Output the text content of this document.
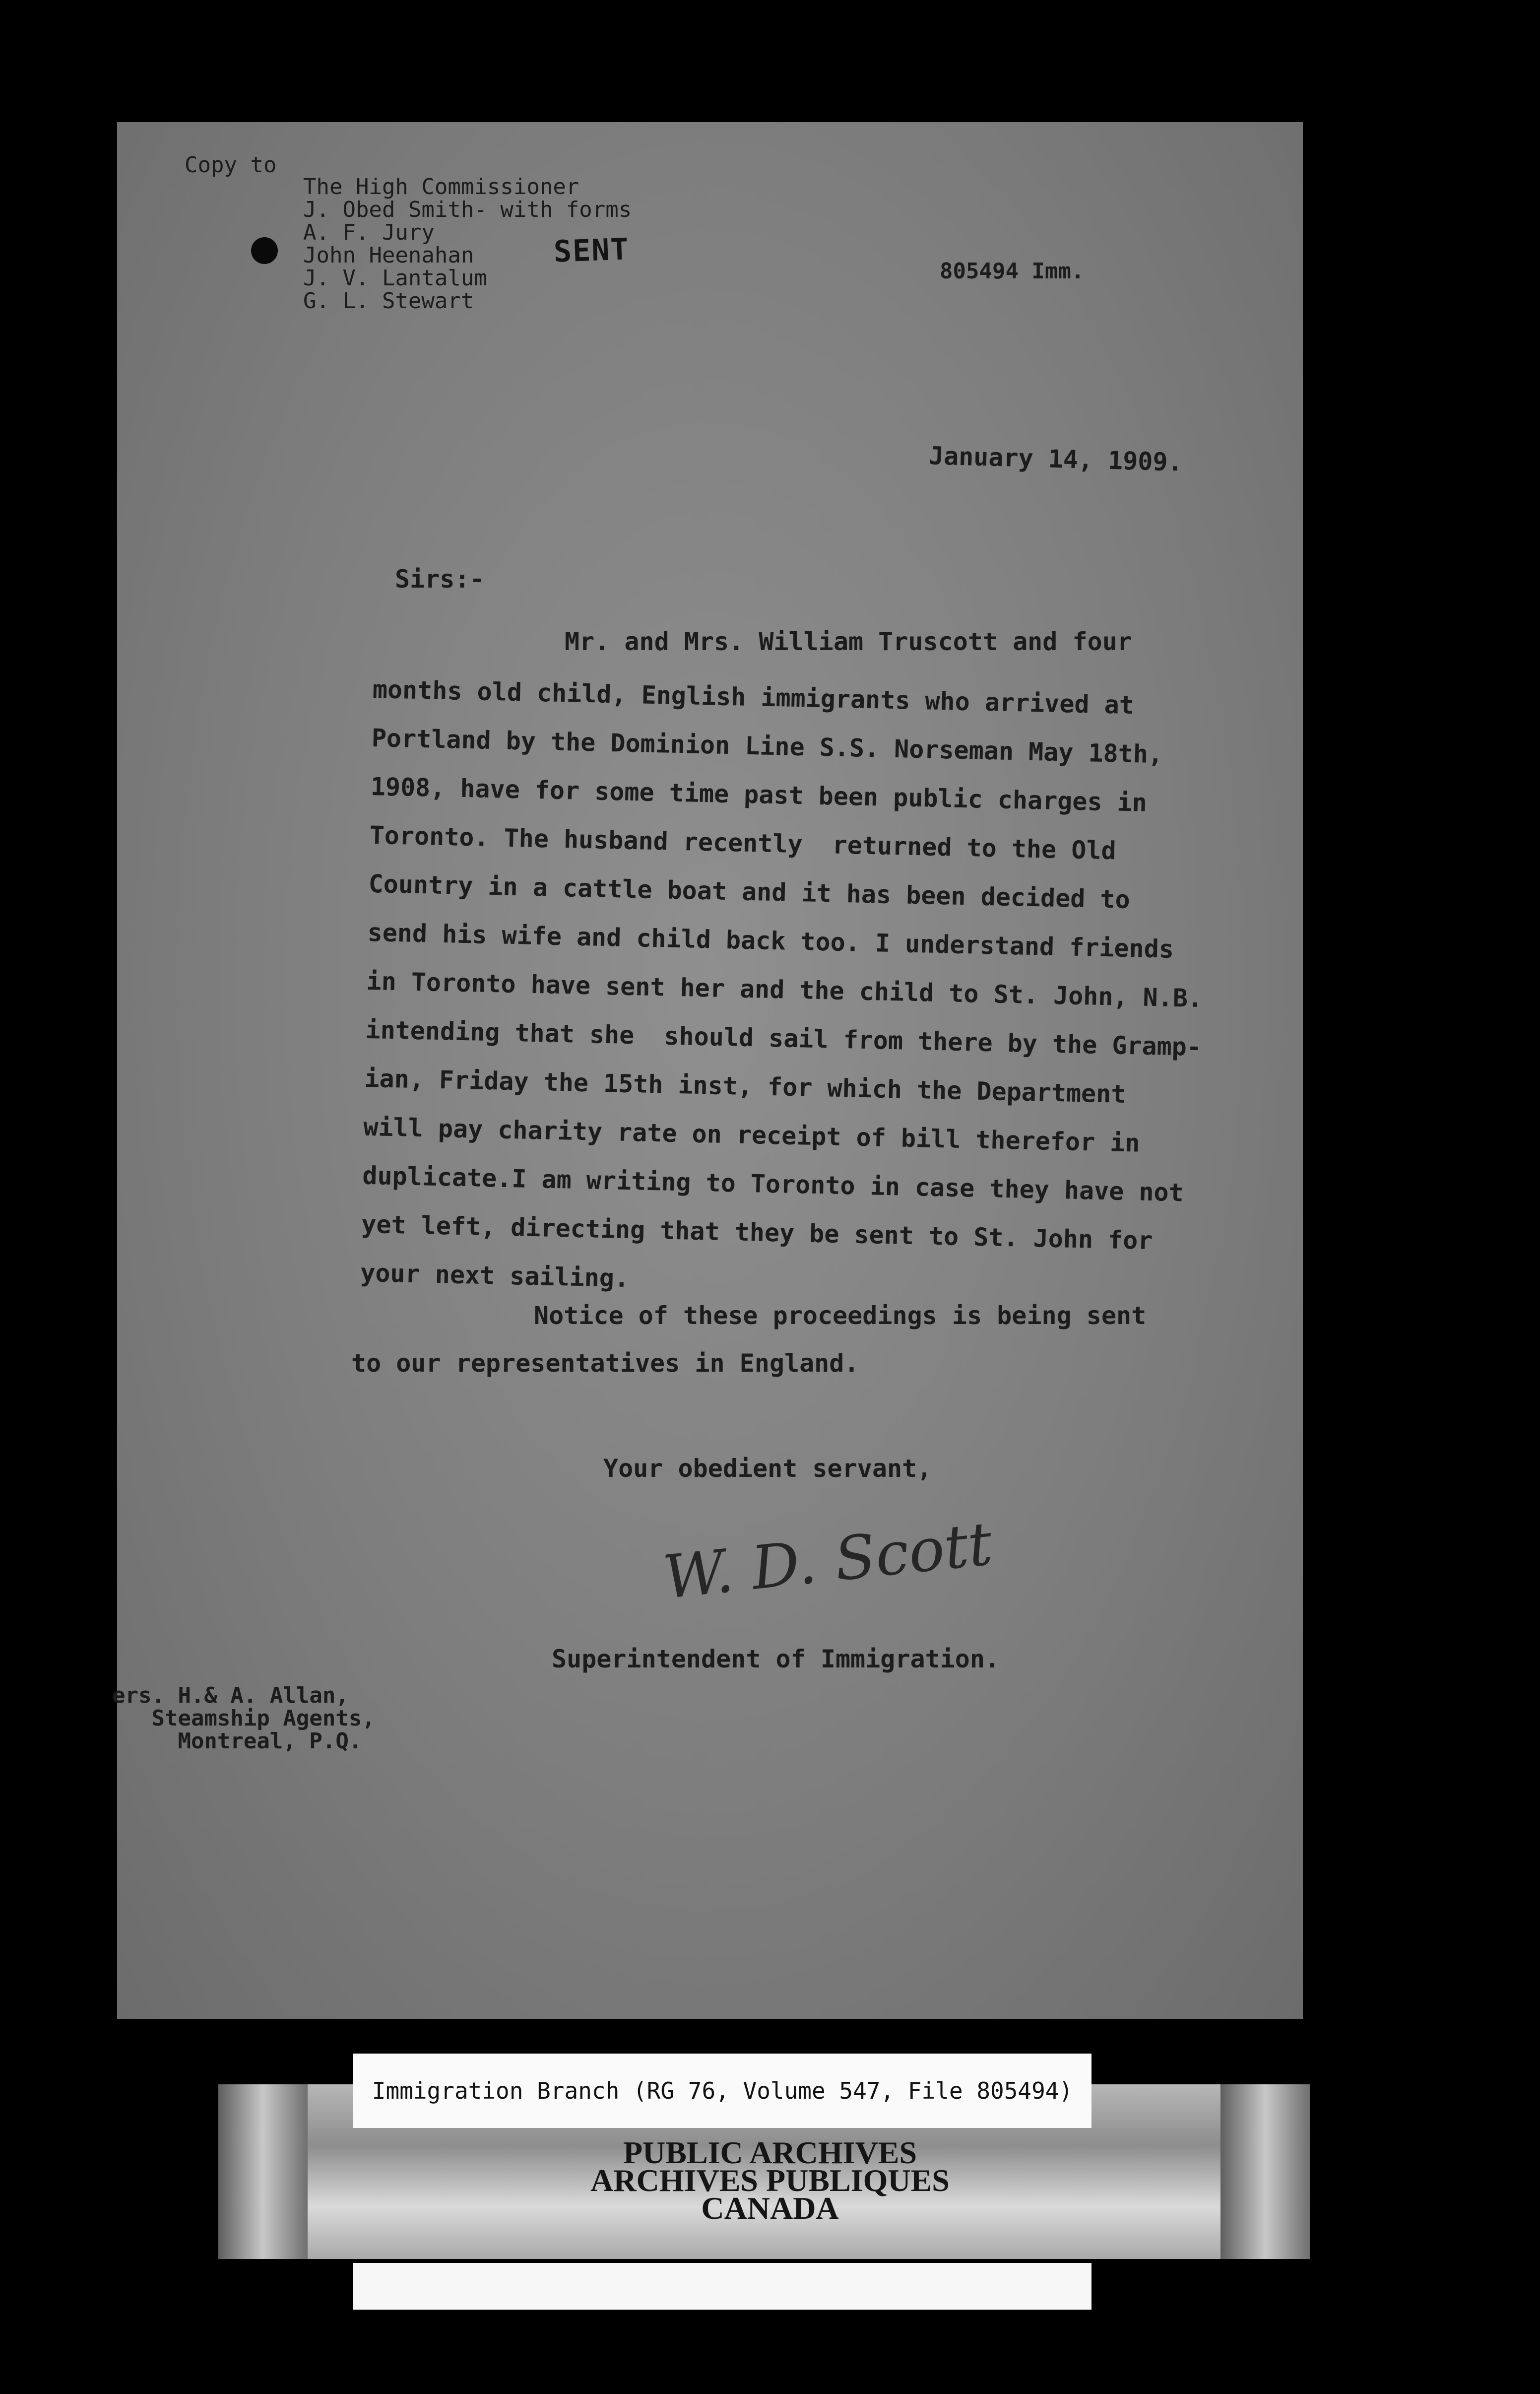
Copy to
The High Commissioner
J. Obed Smith- with forms
A. F. Jury
John Heenahan
J. V. Lantalum
G. L. Stewart
SENT
805494 Imm.
January 14, 1909.
Sirs:-
Mr. and Mrs. William Truscott and four
months old child, English immigrants who arrived at
Portland by the Dominion Line S.S. Norseman May 18th,
1908, have for some time past been public charges in
Toronto. The husband recently  returned to the Old
Country in a cattle boat and it has been decided to
send his wife and child back too. I understand friends
in Toronto have sent her and the child to St. John, N.B.
intending that she  should sail from there by the Gramp-
ian, Friday the 15th inst, for which the Department
will pay charity rate on receipt of bill therefor in
duplicate.I am writing to Toronto in case they have not
yet left, directing that they be sent to St. John for
your next sailing.
Notice of these proceedings is being sent
to our representatives in England.
Your obedient servant,
W. D. Scott
Superintendent of Immigration.
ers. H.& A. Allan,
Steamship Agents,
Montreal, P.Q.
Immigration Branch (RG 76, Volume 547, File 805494)
PUBLIC ARCHIVES
ARCHIVES PUBLIQUES
CANADA
